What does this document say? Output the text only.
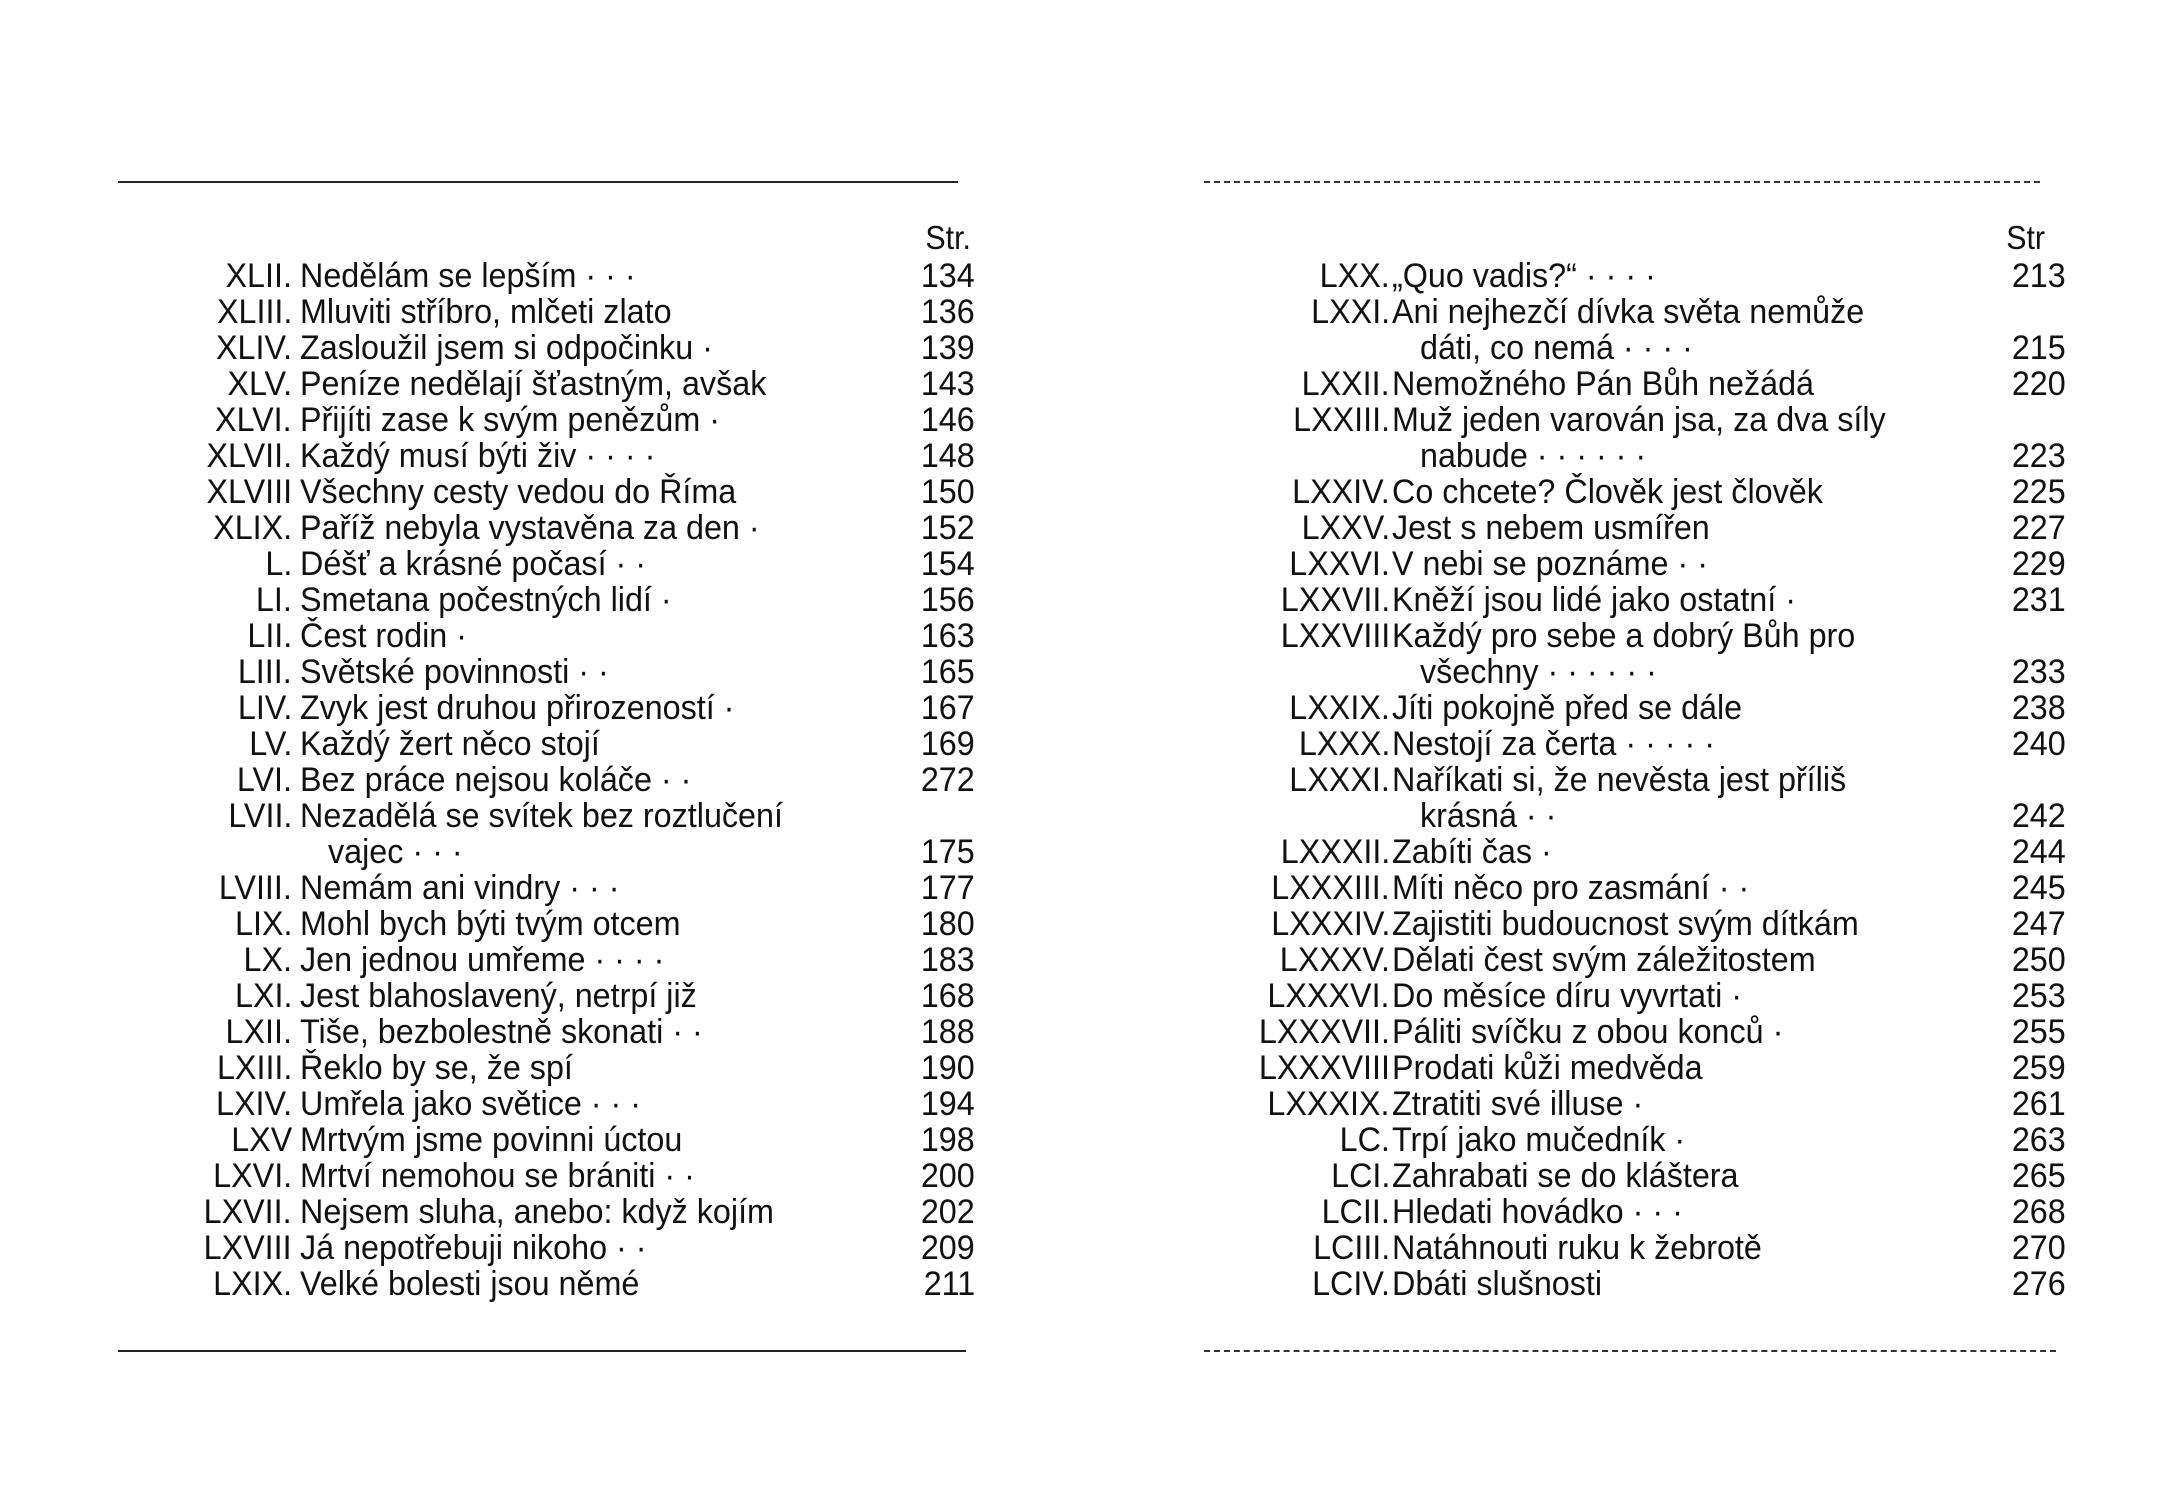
Str.
XLII. Nedělám se lepším · · ·	134
XLIII. Mluviti stříbro, mlčeti zlato	136
XLIV. Zasloužil jsem si odpočinku ·	139
XLV. Peníze nedělají šťastným, avšak	143
XLVI. Přijíti zase k svým penězům ·	146
XLVII. Každý musí býti živ · · · ·	148
XLVIII Všechny cesty vedou do Říma	150
XLIX. Paříž nebyla vystavěna za den ·	152
L. Déšť a krásné počasí · ·	154
LI. Smetana počestných lidí ·	156
LII. Čest rodin ·	163
LIII. Světské povinnosti · ·	165
LIV. Zvyk jest druhou přirozeností ·	167
LV. Každý žert něco stojí	169
LVI. Bez práce nejsou koláče · ·	272
LVII. Nezadělá se svítek bez roztlučení
vajec · · ·	175
LVIII. Nemám ani vindry · · ·	177
LIX. Mohl bych býti tvým otcem	180
LX. Jen jednou umřeme · · · ·	183
LXI. Jest blahoslavený, netrpí již	168
LXII. Tiše, bezbolestně skonati · ·	188
LXIII. Řeklo by se, že spí	190
LXIV. Umřela jako světice · · ·	194
LXV Mrtvým jsme povinni úctou	198
LXVI. Mrtví nemohou se brániti · ·	200
LXVII. Nejsem sluha, anebo: když kojím	202
LXVIII Já nepotřebuji nikoho · ·	209
LXIX. Velké bolesti jsou němé	211
Str
LXX. „Quo vadis?“ · · · ·	213
LXXI. Ani nejhezčí dívka světa nemůže
dáti, co nemá · · · ·	215
LXXII. Nemožného Pán Bůh nežádá	220
LXXIII. Muž jeden varován jsa, za dva síly
nabude · · · · · ·	223
LXXIV. Co chcete? Člověk jest člověk	225
LXXV. Jest s nebem usmířen	227
LXXVI. V nebi se poznáme · ·	229
LXXVII. Kněží jsou lidé jako ostatní ·	231
LXXVIII Každý pro sebe a dobrý Bůh pro
všechny · · · · · ·	233
LXXIX. Jíti pokojně před se dále	238
LXXX. Nestojí za čerta · · · · ·	240
LXXXI. Naříkati si, že nevěsta jest příliš
krásná · ·	242
LXXXII. Zabíti čas ·	244
LXXXIII. Míti něco pro zasmání · ·	245
LXXXIV. Zajistiti budoucnost svým dítkám	247
LXXXV. Dělati čest svým záležitostem	250
LXXXVI. Do měsíce díru vyvrtati ·	253
LXXXVII. Páliti svíčku z obou konců ·	255
LXXXVIII Prodati kůži medvěda	259
LXXXIX. Ztratiti své illuse ·	261
LC. Trpí jako mučedník ·	263
LCI. Zahrabati se do kláštera	265
LCII. Hledati hovádko · · ·	268
LCIII. Natáhnouti ruku k žebrotě	270
LCIV. Dbáti slušnosti	276
